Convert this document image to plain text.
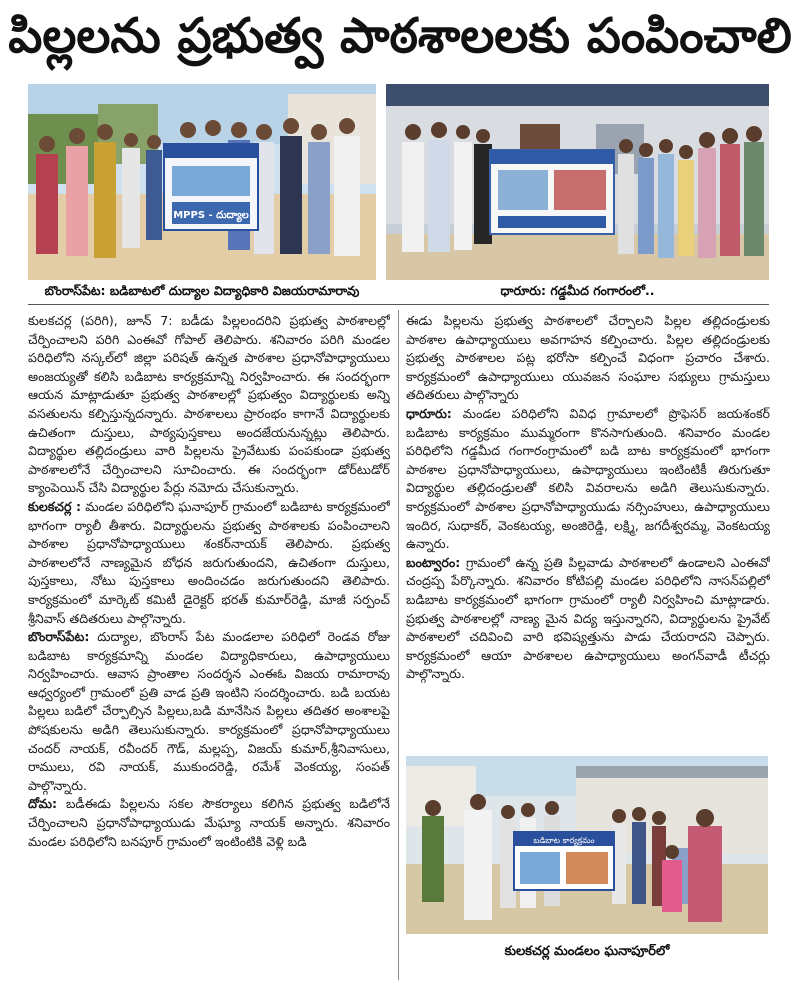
పిల్లలను ప్రభుత్వ పాఠశాలలకు పంపించాలి
MPPS - దుద్యాల
బొంరాస్‌పేట: బడిబాటలో దుద్యాల విద్యాధికారి విజయరామారావు	ధారూరు: గడ్డమీద గంగారంలో..

కులకచర్ల (పరిగి), జూన్ 7: బడీడు పిల్లలందరిని ప్రభుత్వ పాఠశాలల్లో చేర్పించాలని పరిగి ఎంఈవో గోపాల్ తెలిపారు. శనివారం పరిగి మండల పరిధిలోని నస్కల్‌లో జిల్లా పరిషత్ ఉన్నత పాఠశాల ప్రధానోపాధ్యాయులు అంజయ్యతో కలిసి బడిబాట కార్యక్రమాన్ని నిర్వహించారు. ఈ సందర్భంగా ఆయన మాట్లాడుతూ ప్రభుత్వ పాఠశాలల్లో ప్రభుత్వం విద్యార్థులకు అన్ని వసతులను కల్పిస్తున్నదన్నారు. పాఠశాలలు ప్రారంభం కాగానే విద్యార్థులకు ఉచితంగా దుస్తులు, పాఠ్యపుస్తకాలు అందజేయనున్నట్లు తెలిపారు. విద్యార్థుల తల్లిదండ్రులు వారి పిల్లలను ప్రైవేటుకు పంపకుండా ప్రభుత్వ పాఠశాలలోనే చేర్పించాలని సూచించారు. ఈ సందర్భంగా డోర్‌టుడోర్ క్యాంపెయిన్ చేసి విద్యార్థుల పేర్లు నమోదు చేసుకున్నారు.

కులకచర్ల : మండల పరిధిలోని ఘనాపూర్ గ్రామంలో బడిబాట కార్యక్రమంలో భాగంగా ర్యాలీ తీశారు. విద్యార్థులను ప్రభుత్వ పాఠశాలకు పంపించాలని పాఠశాల ప్రధానోపాధ్యాయులు శంకర్‌నాయక్ తెలిపారు. ప్రభుత్వ పాఠశాలలోనే నాణ్యమైన బోధన జరుగుతుందని, ఉచితంగా దుస్తులు, పుస్తకాలు, నోటు పుస్తకాలు అందించడం జరుగుతుందని తెలిపారు. కార్యక్రమంలో మార్కెట్ కమిటీ డైరెక్టర్ భరత్ కుమార్‌రెడ్డి, మాజీ సర్పంచ్ శ్రీనివాస్ తదితరులు పాల్గొన్నారు.

బొంరాస్‌పేట: దుద్యాల, బొంరాస్ పేట మండలాల పరిధిలో రెండవ రోజు బడిబాట కార్యక్రమాన్ని మండల విద్యాధికారులు, ఉపాధ్యాయులు నిర్వహించారు. ఆవాస ప్రాంతాల సందర్శన ఎంఈఓ విజయ రామారావు ఆధ్వర్యంలో గ్రామంలో ప్రతి వాడ ప్రతి ఇంటిని సందర్శించారు. బడి బయట పిల్లలు బడిలో చేర్పాల్సిన పిల్లలు,బడి మానేసిన పిల్లలు తదితర అంశాలపై పోషకులను అడిగి తెలుసుకున్నారు. కార్యక్రమంలో ప్రధానోపాధ్యాయులు చందర్ నాయక్, రవీందర్ గౌడ్, మల్లప్ప, విజయ్ కుమార్,శ్రీనివాసులు, రాములు, రవి నాయక్, ముకుందరెడ్డి, రమేశ్ వెంకయ్య, సంపత్ పాల్గొన్నారు.

దోమ: బడీఈడు పిల్లలను సకల సౌకర్యాలు కలిగిన ప్రభుత్వ బడిలోనే చేర్పించాలని ప్రధానోపాధ్యాయుడు మేఘ్యా నాయక్ అన్నారు. శనివారం మండల పరిధిలోని బనపూర్ గ్రామంలో ఇంటింటికి వెళ్లి బడి

ఈడు పిల్లలను ప్రభుత్వ పాఠశాలలో చేర్పాలని పిల్లల తల్లిదండ్రులకు పాఠశాల ఉపాధ్యాయులు అవగాహన కల్పించారు. పిల్లల తల్లిదండ్రులకు ప్రభుత్వ పాఠశాలల పట్ల భరోసా కల్పించే విధంగా ప్రచారం చేశారు. కార్యక్రమంలో ఉపాధ్యాయులు యువజన సంఘాల సభ్యులు గ్రామస్తులు తదితరులు పాల్గొన్నారు

ధారూరు: మండల పరిధిలోని వివిధ గ్రామాలలో ప్రొఫెసర్ జయశంకర్ బడిబాట కార్యక్రమం ముమ్మరంగా కొనసాగుతుంది. శనివారం మండల పరిధిలోని గడ్డమీద గంగారంగ్రామంలో బడి బాట కార్యక్రమంలో భాగంగా పాఠశాల ప్రధానోపాధ్యాయులు, ఉపాధ్యాయులు ఇంటింటికీ తిరుగుతూ విద్యార్థుల తల్లిదండ్రులతో కలిసి వివరాలను అడిగి తెలుసుకున్నారు. కార్యక్రమంలో పాఠశాల ప్రధానోపాధ్యాయుడు నర్సింహులు, ఉపాధ్యాయులు ఇందిర, సుధాకర్, వెంకటయ్య, అంజిరెడ్డి, లక్ష్మి, జగదీశ్వరమ్మ, వెంకటయ్య ఉన్నారు.

బంట్వారం: గ్రామంలో ఉన్న ప్రతి పిల్లవాడు పాఠశాలలో ఉండాలని ఎంఈవో చంద్రప్ప పేర్కొన్నారు. శనివారం కోటిపల్లి మండల పరిధిలోని నాసన్‌పల్లిలో బడిబాట కార్యక్రమంలో భాగంగా గ్రామంలో ర్యాలీ నిర్వహించి మాట్లాడారు. ప్రభుత్వ పాఠశాలల్లో నాణ్య మైన విద్య ఇస్తున్నారని, విద్యార్థులను ప్రైవేట్ పాఠశాలలో చదివించి వారి భవిష్యత్తును పాడు చేయరాదని చెప్పారు. కార్యక్రమంలో ఆయా పాఠశాలల ఉపాధ్యాయులు అంగన్‌వాడీ టీచర్లు పాల్గొన్నారు.

బడిబాట కార్యక్రమం
కులకచర్ల మండలం ఘనాపూర్‌లో
